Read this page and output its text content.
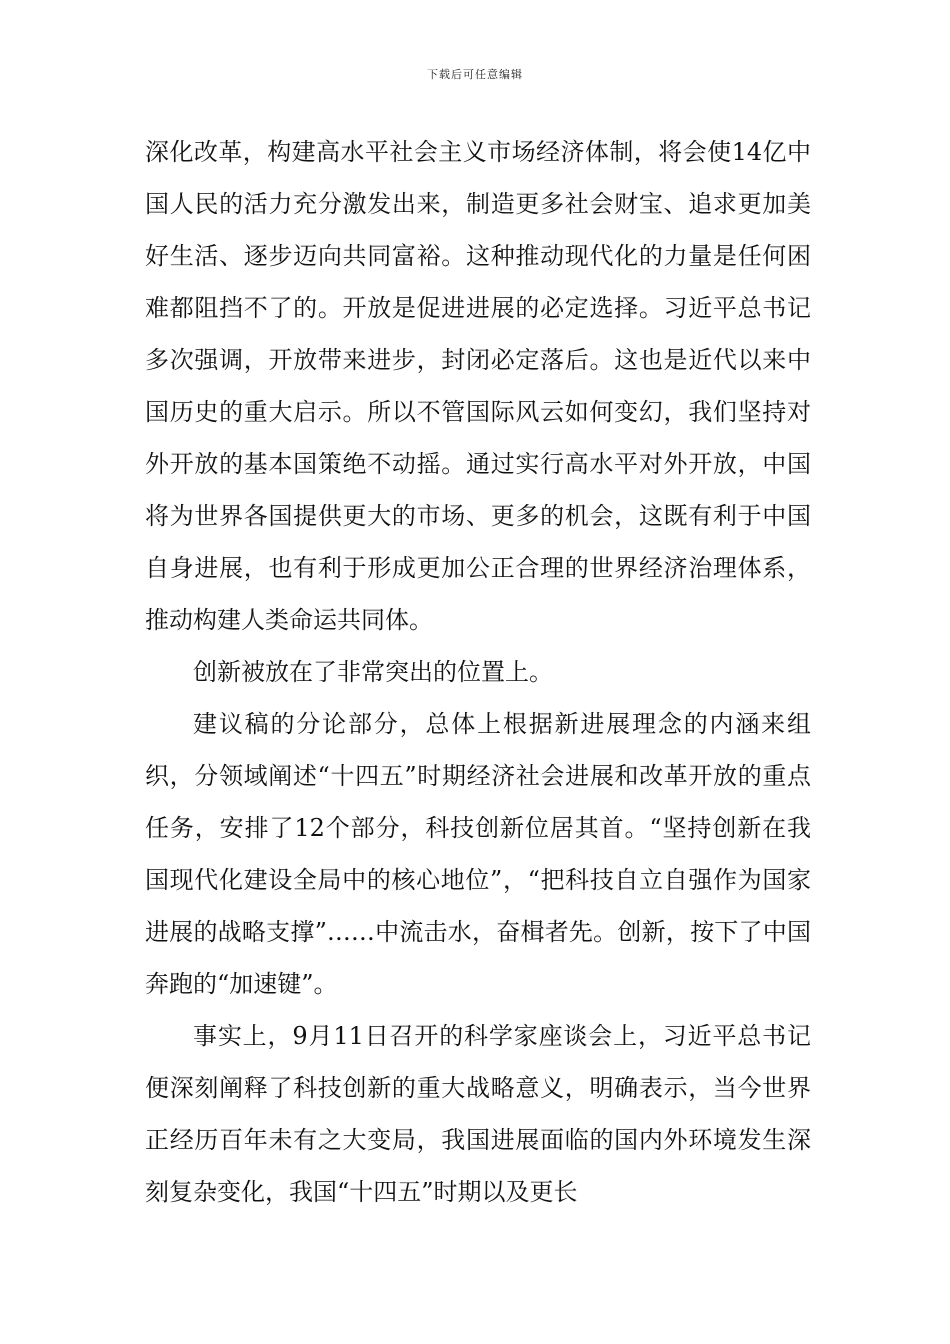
下载后可任意编辑

深化改革，构建高水平社会主义市场经济体制，将会使14亿中国人民的活力充分激发出来，制造更多社会财宝、追求更加美好生活、逐步迈向共同富裕。这种推动现代化的力量是任何困难都阻挡不了的。开放是促进进展的必定选择。习近平总书记多次强调，开放带来进步，封闭必定落后。这也是近代以来中国历史的重大启示。所以不管国际风云如何变幻，我们坚持对外开放的基本国策绝不动摇。通过实行高水平对外开放，中国将为世界各国提供更大的市场、更多的机会，这既有利于中国自身进展，也有利于形成更加公正合理的世界经济治理体系，推动构建人类命运共同体。

创新被放在了非常突出的位置上。

建议稿的分论部分，总体上根据新进展理念的内涵来组织，分领域阐述“十四五”时期经济社会进展和改革开放的重点任务，安排了12个部分，科技创新位居其首。“坚持创新在我国现代化建设全局中的核心地位”，“把科技自立自强作为国家进展的战略支撑”……中流击水，奋楫者先。创新，按下了中国奔跑的“加速键”。

事实上，9月11日召开的科学家座谈会上，习近平总书记便深刻阐释了科技创新的重大战略意义，明确表示，当今世界正经历百年未有之大变局，我国进展面临的国内外环境发生深刻复杂变化，我国“十四五”时期以及更长
